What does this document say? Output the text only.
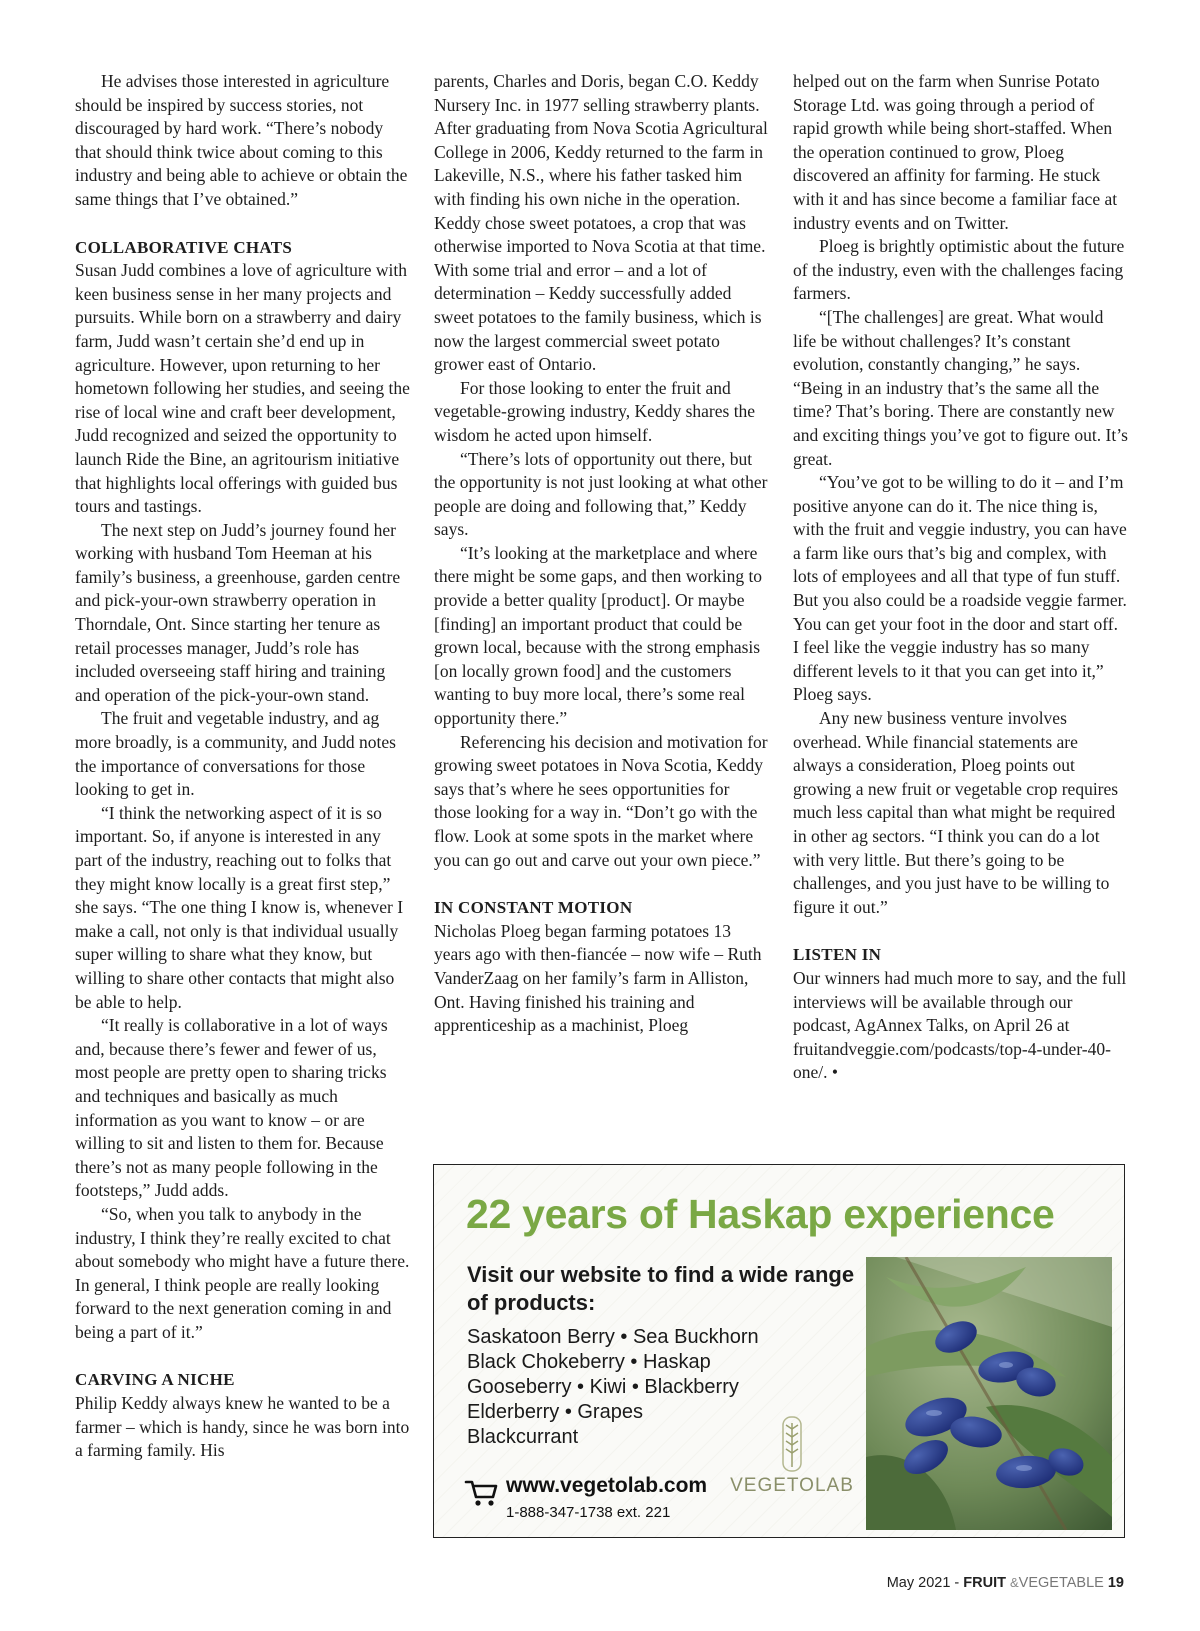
He advises those interested in agriculture should be inspired by success stories, not discouraged by hard work. “There’s nobody that should think twice about coming to this industry and being able to achieve or obtain the same things that I’ve obtained.”

COLLABORATIVE CHATS

Susan Judd combines a love of agriculture with keen business sense in her many projects and pursuits. While born on a strawberry and dairy farm, Judd wasn’t certain she’d end up in agriculture. However, upon returning to her hometown following her studies, and seeing the rise of local wine and craft beer development, Judd recognized and seized the opportunity to launch Ride the Bine, an agritourism initiative that highlights local offerings with guided bus tours and tastings.

The next step on Judd’s journey found her working with husband Tom Heeman at his family’s business, a greenhouse, garden centre and pick-your-own strawberry operation in Thorndale, Ont. Since starting her tenure as retail processes manager, Judd’s role has included overseeing staff hiring and training and operation of the pick-your-own stand.

The fruit and vegetable industry, and ag more broadly, is a community, and Judd notes the importance of conversations for those looking to get in.

“I think the networking aspect of it is so important. So, if anyone is interested in any part of the industry, reaching out to folks that they might know locally is a great first step,” she says. “The one thing I know is, whenever I make a call, not only is that individual usually super willing to share what they know, but willing to share other contacts that might also be able to help.

“It really is collaborative in a lot of ways and, because there’s fewer and fewer of us, most people are pretty open to sharing tricks and techniques and basically as much information as you want to know – or are willing to sit and listen to them for. Because there’s not as many people following in the footsteps,” Judd adds.

“So, when you talk to anybody in the industry, I think they’re really excited to chat about somebody who might have a future there. In general, I think people are really looking forward to the next generation coming in and being a part of it.”

CARVING A NICHE

Philip Keddy always knew he wanted to be a farmer – which is handy, since he was born into a farming family. His

parents, Charles and Doris, began C.O. Keddy Nursery Inc. in 1977 selling strawberry plants. After graduating from Nova Scotia Agricultural College in 2006, Keddy returned to the farm in Lakeville, N.S., where his father tasked him with finding his own niche in the operation. Keddy chose sweet potatoes, a crop that was otherwise imported to Nova Scotia at that time. With some trial and error – and a lot of determination – Keddy successfully added sweet potatoes to the family business, which is now the largest commercial sweet potato grower east of Ontario.

For those looking to enter the fruit and vegetable-growing industry, Keddy shares the wisdom he acted upon himself.

“There’s lots of opportunity out there, but the opportunity is not just looking at what other people are doing and following that,” Keddy says.

“It’s looking at the marketplace and where there might be some gaps, and then working to provide a better quality [product]. Or maybe [finding] an important product that could be grown local, because with the strong emphasis [on locally grown food] and the customers wanting to buy more local, there’s some real opportunity there.”

Referencing his decision and motivation for growing sweet potatoes in Nova Scotia, Keddy says that’s where he sees opportunities for those looking for a way in. “Don’t go with the flow. Look at some spots in the market where you can go out and carve out your own piece.”

IN CONSTANT MOTION

Nicholas Ploeg began farming potatoes 13 years ago with then-fiancée – now wife – Ruth VanderZaag on her family’s farm in Alliston, Ont. Having finished his training and apprenticeship as a machinist, Ploeg

helped out on the farm when Sunrise Potato Storage Ltd. was going through a period of rapid growth while being short-staffed. When the operation continued to grow, Ploeg discovered an affinity for farming. He stuck with it and has since become a familiar face at industry events and on Twitter.

Ploeg is brightly optimistic about the future of the industry, even with the challenges facing farmers.

“[The challenges] are great. What would life be without challenges? It’s constant evolution, constantly changing,” he says. “Being in an industry that’s the same all the time? That’s boring. There are constantly new and exciting things you’ve got to figure out. It’s great.

“You’ve got to be willing to do it – and I’m positive anyone can do it. The nice thing is, with the fruit and veggie industry, you can have a farm like ours that’s big and complex, with lots of employees and all that type of fun stuff. But you also could be a roadside veggie farmer. You can get your foot in the door and start off. I feel like the veggie industry has so many different levels to it that you can get into it,” Ploeg says.

Any new business venture involves overhead. While financial statements are always a consideration, Ploeg points out growing a new fruit or vegetable crop requires much less capital than what might be required in other ag sectors. “I think you can do a lot with very little. But there’s going to be challenges, and you just have to be willing to figure it out.”

LISTEN IN

Our winners had much more to say, and the full interviews will be available through our podcast, AgAnnex Talks, on April 26 at fruitandveggie.com/podcasts/top-4-under-40-one/. •

22 years of Haskap experience
Visit our website to find a wide range of products:
Saskatoon Berry • Sea Buckhorn
Black Chokeberry • Haskap
Gooseberry • Kiwi • Blackberry
Elderberry • Grapes
Blackcurrant
www.vegetolab.com
1-888-347-1738 ext. 221
VEGETOLAB
May 2021 - FRUIT &VEGETABLE 19
